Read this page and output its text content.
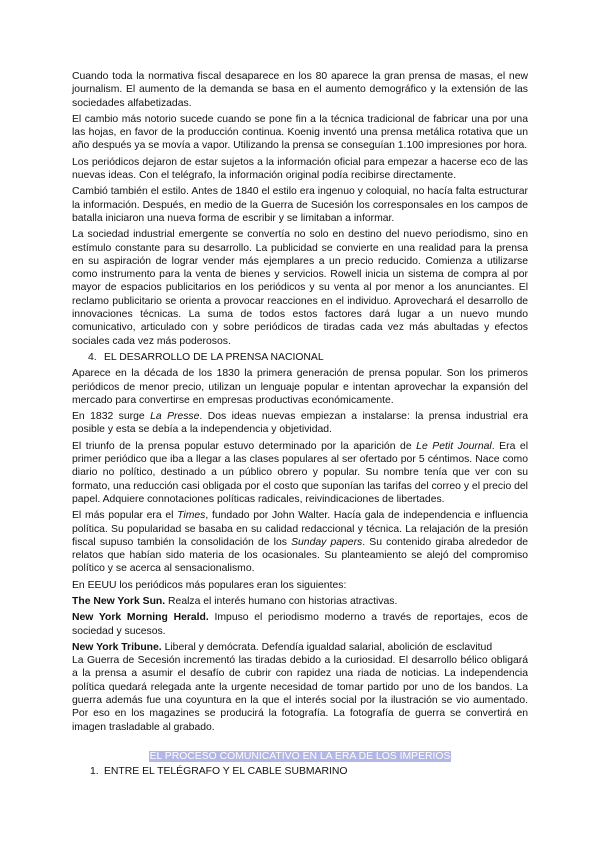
Cuando toda la normativa fiscal desaparece en los 80 aparece la gran prensa de masas, el new journalism. El aumento de la demanda se basa en el aumento demográfico y la extensión de las sociedades alfabetizadas.

El cambio más notorio sucede cuando se pone fin a la técnica tradicional de fabricar una por una las hojas, en favor de la producción continua. Koenig inventó una prensa metálica rotativa que un año después ya se movía a vapor. Utilizando la prensa se conseguían 1.100 impresiones por hora.

Los periódicos dejaron de estar sujetos a la información oficial para empezar a hacerse eco de las nuevas ideas. Con el telégrafo, la información original podía recibirse directamente.

Cambió también el estilo. Antes de 1840 el estilo era ingenuo y coloquial, no hacía falta estructurar la información. Después, en medio de la Guerra de Sucesión los corresponsales en los campos de batalla iniciaron una nueva forma de escribir y se limitaban a informar.

La sociedad industrial emergente se convertía no solo en destino del nuevo periodismo, sino en estímulo constante para su desarrollo. La publicidad se convierte en una realidad para la prensa en su aspiración de lograr vender más ejemplares a un precio reducido. Comienza a utilizarse como instrumento para la venta de bienes y servicios. Rowell inicia un sistema de compra al por mayor de espacios publicitarios en los periódicos y su venta al por menor a los anunciantes. El reclamo publicitario se orienta a provocar reacciones en el individuo. Aprovechará el desarrollo de innovaciones técnicas. La suma de todos estos factores dará lugar a un nuevo mundo comunicativo, articulado con y sobre periódicos de tiradas cada vez más abultadas y efectos sociales cada vez más poderosos.

4. EL DESARROLLO DE LA PRENSA NACIONAL

Aparece en la década de los 1830 la primera generación de prensa popular. Son los primeros periódicos de menor precio, utilizan un lenguaje popular e intentan aprovechar la expansión del mercado para convertirse en empresas productivas económicamente.

En 1832 surge La Presse. Dos ideas nuevas empiezan a instalarse: la prensa industrial era posible y esta se debía a la independencia y objetividad.

El triunfo de la prensa popular estuvo determinado por la aparición de Le Petit Journal. Era el primer periódico que iba a llegar a las clases populares al ser ofertado por 5 céntimos. Nace como diario no político, destinado a un público obrero y popular. Su nombre tenía que ver con su formato, una reducción casi obligada por el costo que suponían las tarifas del correo y el precio del papel. Adquiere connotaciones políticas radicales, reivindicaciones de libertades.

El más popular era el Times, fundado por John Walter. Hacía gala de independencia e influencia política. Su popularidad se basaba en su calidad redaccional y técnica. La relajación de la presión fiscal supuso también la consolidación de los Sunday papers. Su contenido giraba alrededor de relatos que habían sido materia de los ocasionales. Su planteamiento se alejó del compromiso político y se acerca al sensacionalismo.

En EEUU los periódicos más populares eran los siguientes:

The New York Sun. Realza el interés humano con historias atractivas.

New York Morning Herald. Impuso el periodismo moderno a través de reportajes, ecos de sociedad y sucesos.

New York Tribune. Liberal y demócrata. Defendía igualdad salarial, abolición de esclavitud

La Guerra de Secesión incrementó las tiradas debido a la curiosidad. El desarrollo bélico obligará a la prensa a asumir el desafío de cubrir con rapidez una riada de noticias. La independencia política quedará relegada ante la urgente necesidad de tomar partido por uno de los bandos. La guerra además fue una coyuntura en la que el interés social por la ilustración se vio aumentado. Por eso en los magazines se producirá la fotografía. La fotografía de guerra se convertirá en imagen trasladable al grabado.

EL PROCESO COMUNICATIVO EN LA ERA DE LOS IMPERIOS
1. ENTRE EL TELÉGRAFO Y EL CABLE SUBMARINO
